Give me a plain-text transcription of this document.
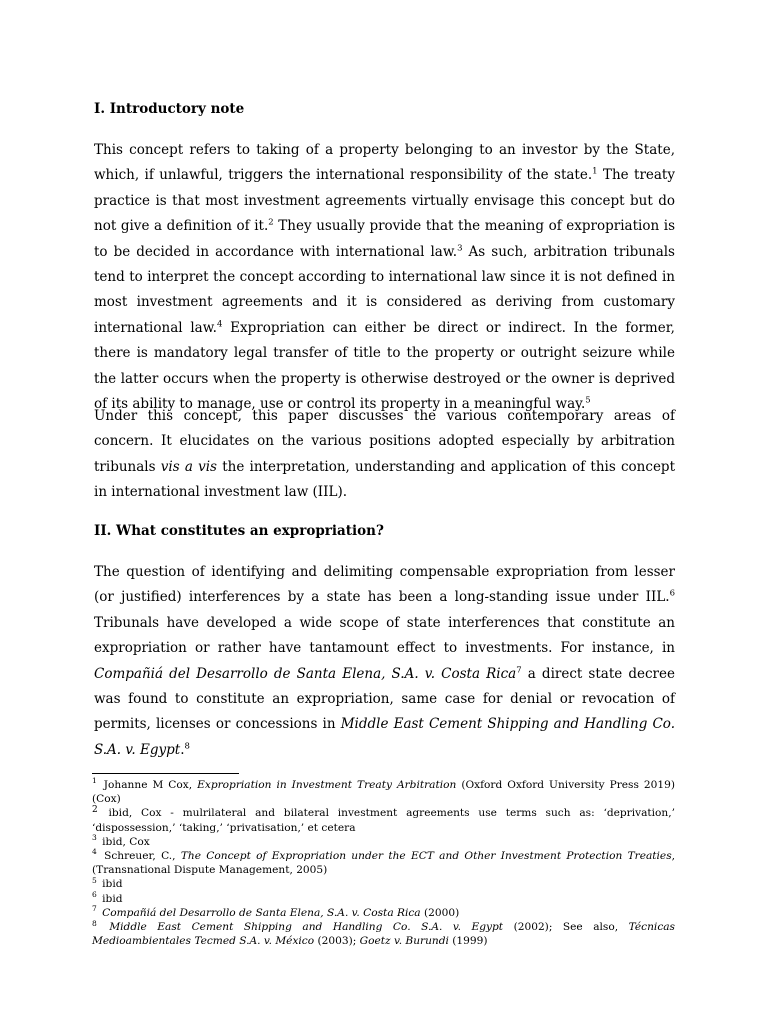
I. Introductory note

This concept refers to taking of a property belonging to an investor by the State, which, if unlawful, triggers the international responsibility of the state.$^1$ The treaty practice is that most investment agreements virtually envisage this concept but do not give a definition of it.$^2$ They usually provide that the meaning of expropriation is to be decided in accordance with international law.$^3$ As such, arbitration tribunals tend to interpret the concept according to international law since it is not defined in most investment agreements and it is considered as deriving from customary international law.$^4$ Expropriation can either be direct or indirect. In the former, there is mandatory legal transfer of title to the property or outright seizure while the latter occurs when the property is otherwise destroyed or the owner is deprived of its ability to manage, use or control its property in a meaningful way.$^5$

Under this concept, this paper discusses the various contemporary areas of concern. It elucidates on the various positions adopted especially by arbitration tribunals vis a vis the interpretation, understanding and application of this concept in international investment law (IIL).

II. What constitutes an expropriation?

The question of identifying and delimiting compensable expropriation from lesser (or justified) interferences by a state has been a long-standing issue under IIL.$^6$ Tribunals have developed a wide scope of state interferences that constitute an expropriation or rather have tantamount effect to investments. For instance, in Compañiá del Desarrollo de Santa Elena, S.A. v. Costa Rica$^7$ a direct state decree was found to constitute an expropriation, same case for denial or revocation of permits, licenses or concessions in Middle East Cement Shipping and Handling Co. S.A. v. Egypt.$^8$

$^1$ Johanne M Cox, Expropriation in Investment Treaty Arbitration (Oxford Oxford University Press 2019) (Cox)
$^2$ ibid, Cox - mulrilateral and bilateral investment agreements use terms such as: ‘deprivation,’ ‘dispossession,’ ‘taking,’ ‘privatisation,’ et cetera
$^3$ ibid, Cox
$^4$ Schreuer, C., The Concept of Expropriation under the ECT and Other Investment Protection Treaties, (Transnational Dispute Management, 2005)
$^5$ ibid
$^6$ ibid
$^7$ Compañiá del Desarrollo de Santa Elena, S.A. v. Costa Rica (2000)
$^8$ Middle East Cement Shipping and Handling Co. S.A. v. Egypt (2002); See also, Técnicas Medioambientales Tecmed S.A. v. México (2003); Goetz v. Burundi (1999)
